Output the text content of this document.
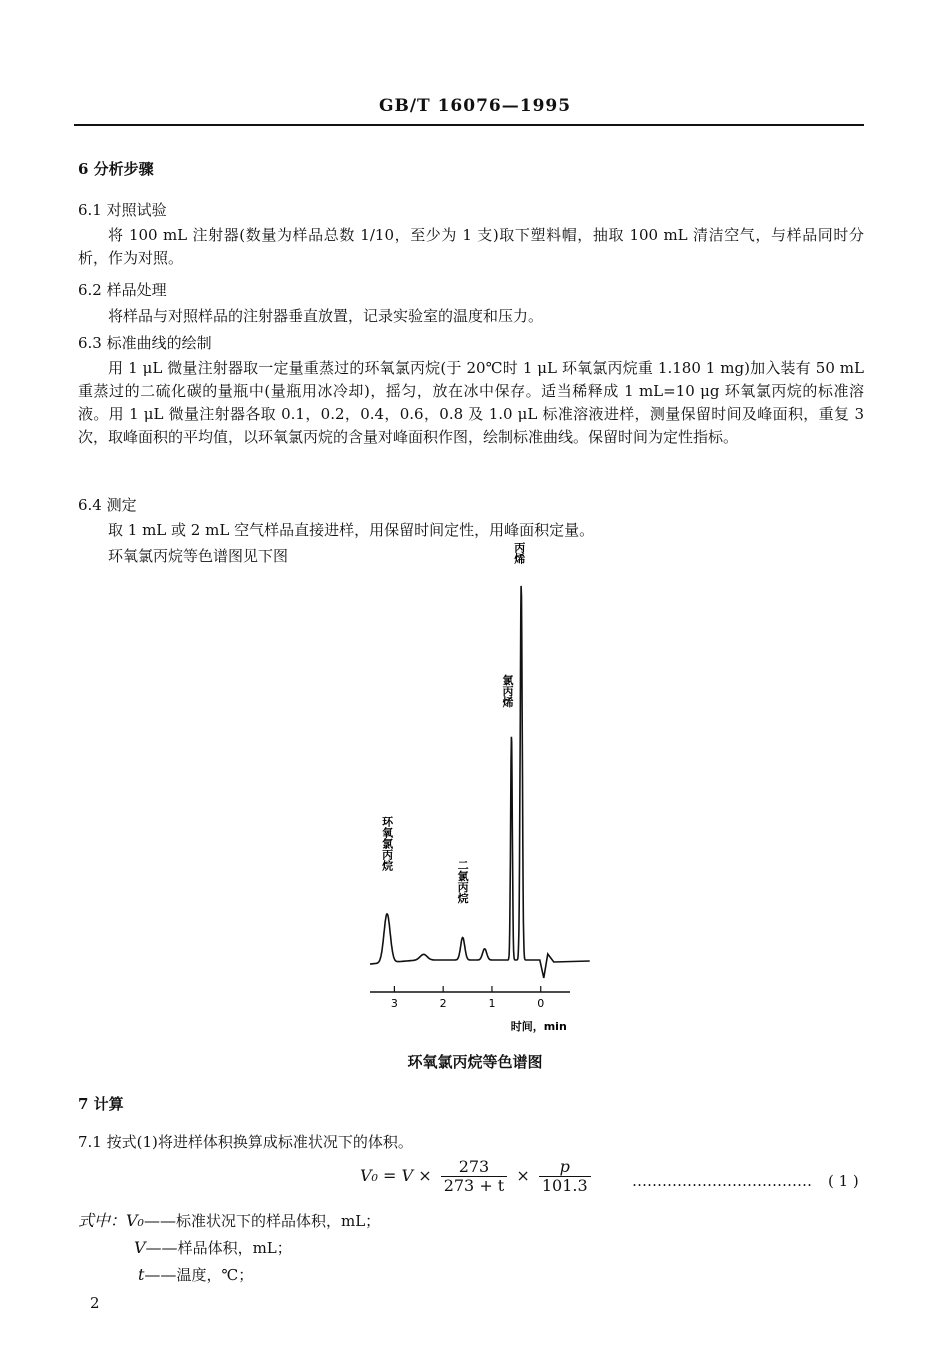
GB/T 16076—1995
6 分析步骤
6.1 对照试验
将 100 mL 注射器(数量为样品总数 1/10，至少为 1 支)取下塑料帽，抽取 100 mL 清洁空气，与样品同时分析，作为对照。
6.2 样品处理
将样品与对照样品的注射器垂直放置，记录实验室的温度和压力。
6.3 标准曲线的绘制
用 1 μL 微量注射器取一定量重蒸过的环氧氯丙烷(于 20℃时 1 μL 环氧氯丙烷重 1.180 1 mg)加入装有 50 mL 重蒸过的二硫化碳的量瓶中(量瓶用冰冷却)，摇匀，放在冰中保存。适当稀释成 1 mL=10 μg 环氧氯丙烷的标准溶液。用 1 μL 微量注射器各取 0.1，0.2，0.4，0.6，0.8 及 1.0 μL 标准溶液进样，测量保留时间及峰面积，重复 3 次，取峰面积的平均值，以环氧氯丙烷的含量对峰面积作图，绘制标准曲线。保留时间为定性指标。
6.4 测定
取 1 mL 或 2 mL 空气样品直接进样，用保留时间定性，用峰面积定量。
环氧氯丙烷等色谱图见下图
3	2	1	0
环氧氯丙烷
二氯丙烷
氯丙烯
丙烯
时间，min
环氧氯丙烷等色谱图
7 计算
7.1 按式(1)将进样体积换算成标准状况下的体积。
$V_0 = V \times \frac{273}{273 + t} \times \frac{p}{101.3}$	……………………………… ( 1 )
式中：V₀——标准状况下的样品体积，mL；
V——样品体积，mL；
t——温度，℃；
2
